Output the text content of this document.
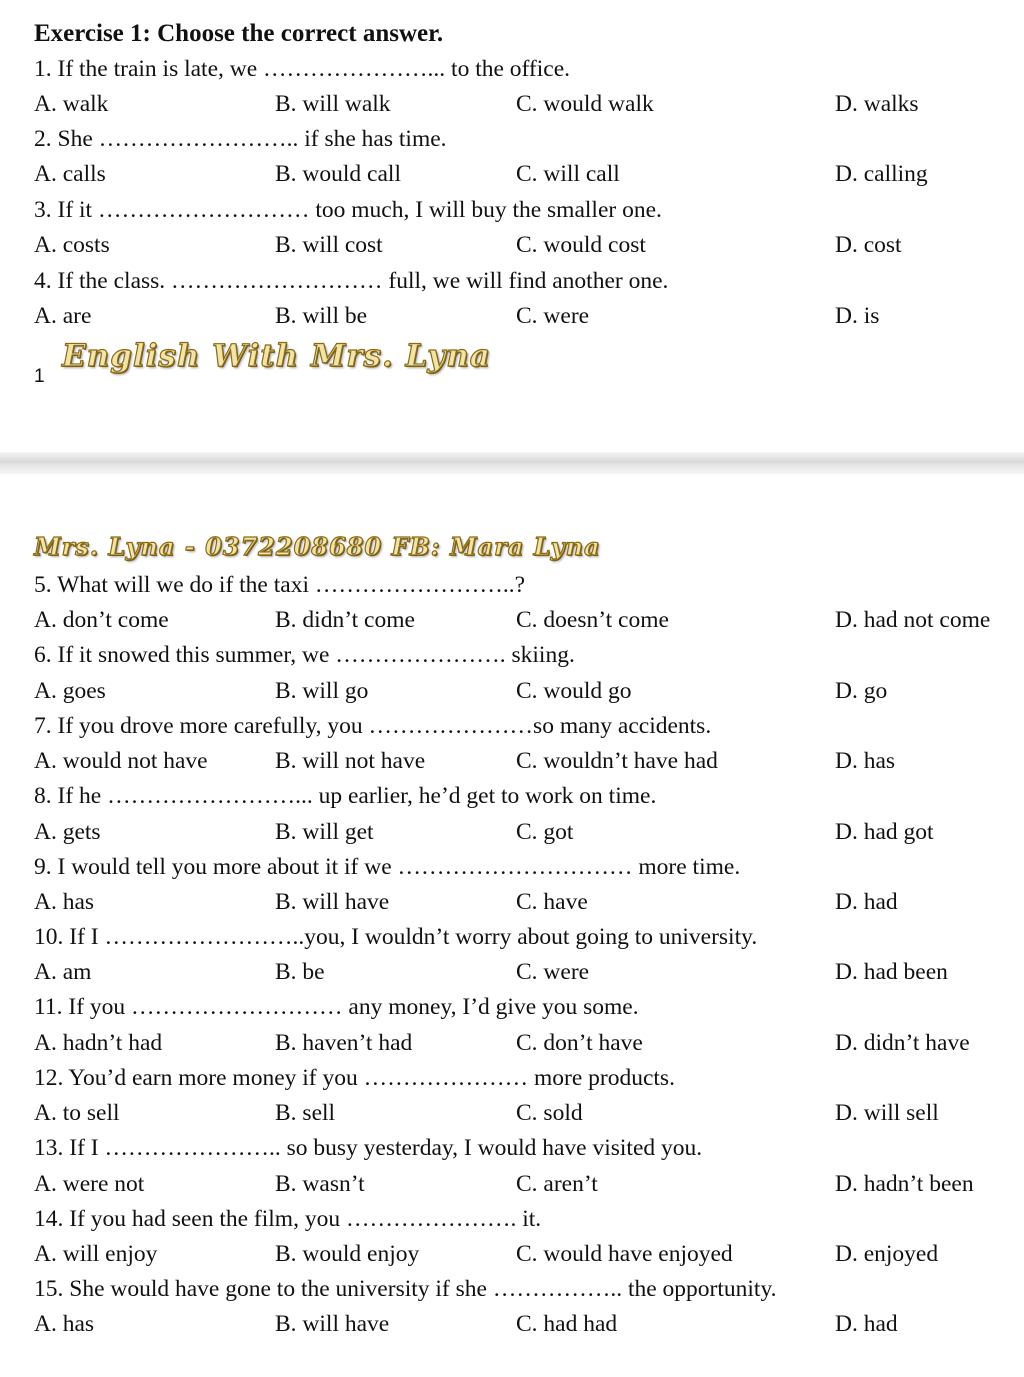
Exercise 1: Choose the correct answer.
1. If the train is late, we …………………... to the office.
A. walk	B. will walk	C. would walk	D. walks
2. She …………………….. if she has time.
A. calls	B. would call	C. will call	D. calling
3. If it ……………………… too much, I will buy the smaller one.
A. costs	B. will cost	C. would cost	D. cost
4. If the class. ……………………… full, we will find another one.
A. are	B. will be	C. were	D. is
English With Mrs. Lyna
1
Mrs. Lyna - 0372208680 FB: Mara Lyna
5. What will we do if the taxi ……………………..?
A. don’t come	B. didn’t come	C. doesn’t come	D. had not come
6. If it snowed this summer, we …………………. skiing.
A. goes	B. will go	C. would go	D. go
7. If you drove more carefully, you …………………so many accidents.
A. would not have	B. will not have	C. wouldn’t have had	D. has
8. If he ……………………... up earlier, he’d get to work on time.
A. gets	B. will get	C. got	D. had got
9. I would tell you more about it if we ………………………… more time.
A. has	B. will have	C. have	D. had
10. If I ……………………..you, I wouldn’t worry about going to university.
A. am	B. be	C. were	D. had been
11. If you ……………………… any money, I’d give you some.
A. hadn’t had	B. haven’t had	C. don’t have	D. didn’t have
12. You’d earn more money if you ………………… more products.
A. to sell	B. sell	C. sold	D. will sell
13. If I ………………….. so busy yesterday, I would have visited you.
A. were not	B. wasn’t	C. aren’t	D. hadn’t been
14. If you had seen the film, you …………………. it.
A. will enjoy	B. would enjoy	C. would have enjoyed	D. enjoyed
15. She would have gone to the university if she …………….. the opportunity.
A. has	B. will have	C. had had	D. had
